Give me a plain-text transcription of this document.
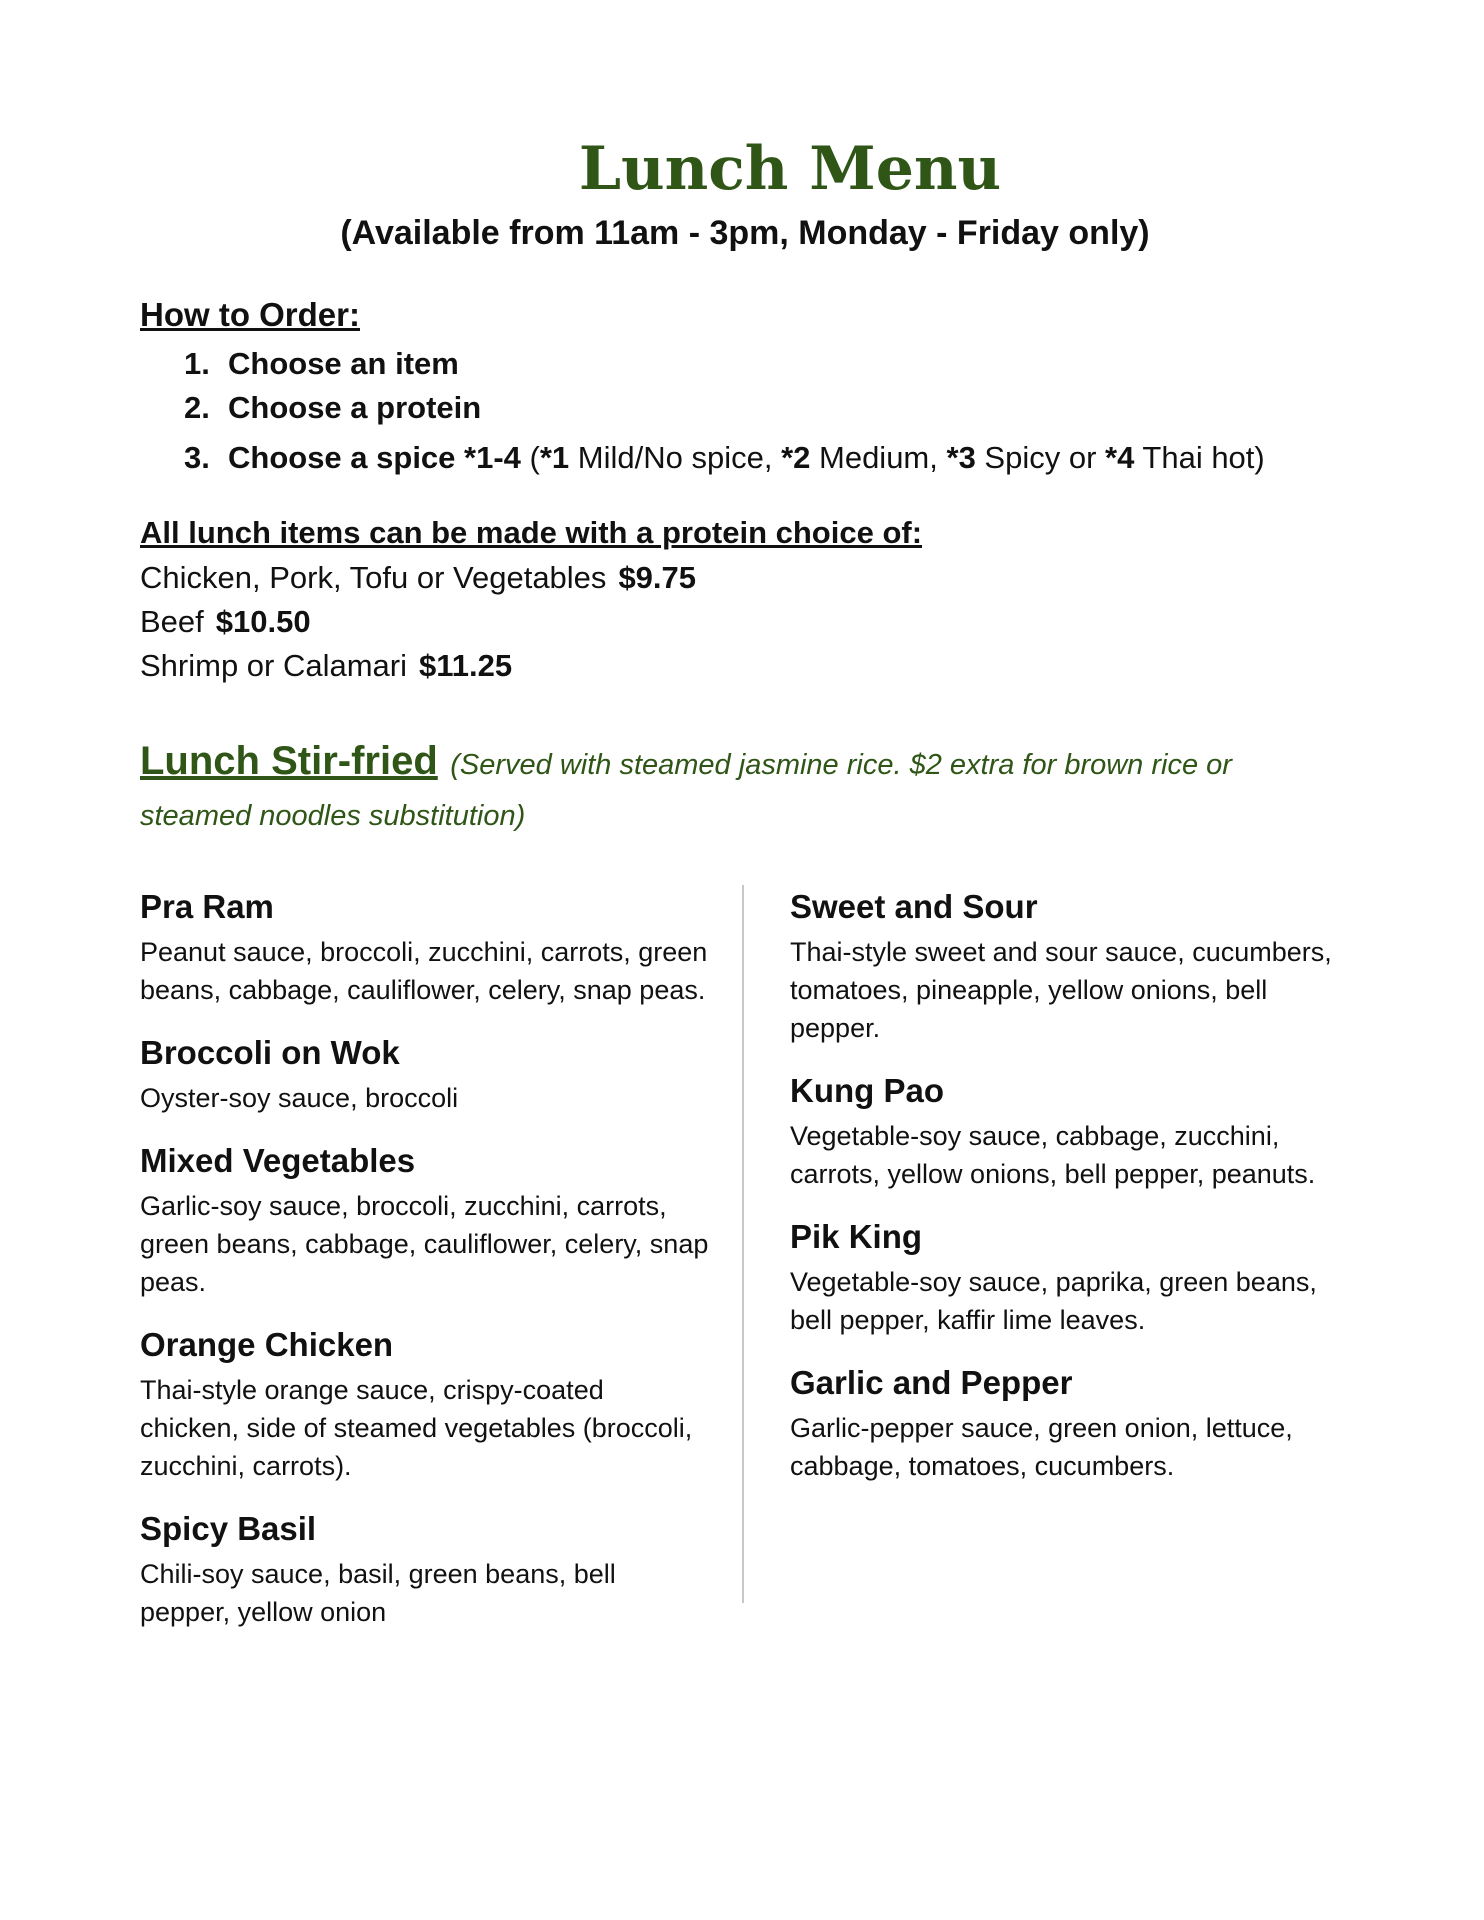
Lunch Menu
(Available from 11am - 3pm, Monday - Friday only)
How to Order:
1. Choose an item
2. Choose a protein
3. Choose a spice *1-4 (*1 Mild/No spice, *2 Medium, *3 Spicy or *4 Thai hot)
All lunch items can be made with a protein choice of:
Chicken, Pork, Tofu or Vegetables $9.75
Beef $10.50
Shrimp or Calamari $11.25
Lunch Stir-fried (Served with steamed jasmine rice. $2 extra for brown rice or steamed noodles substitution)
Pra Ram
Peanut sauce, broccoli, zucchini, carrots, green beans, cabbage, cauliflower, celery, snap peas.
Broccoli on Wok
Oyster-soy sauce, broccoli
Mixed Vegetables
Garlic-soy sauce, broccoli, zucchini, carrots, green beans, cabbage, cauliflower, celery, snap peas.
Orange Chicken
Thai-style orange sauce, crispy-coated chicken, side of steamed vegetables (broccoli, zucchini, carrots).
Spicy Basil
Chili-soy sauce, basil, green beans, bell pepper, yellow onion
Sweet and Sour
Thai-style sweet and sour sauce, cucumbers, tomatoes, pineapple, yellow onions, bell pepper.
Kung Pao
Vegetable-soy sauce, cabbage, zucchini, carrots, yellow onions, bell pepper, peanuts.
Pik King
Vegetable-soy sauce, paprika, green beans, bell pepper, kaffir lime leaves.
Garlic and Pepper
Garlic-pepper sauce, green onion, lettuce, cabbage, tomatoes, cucumbers.
